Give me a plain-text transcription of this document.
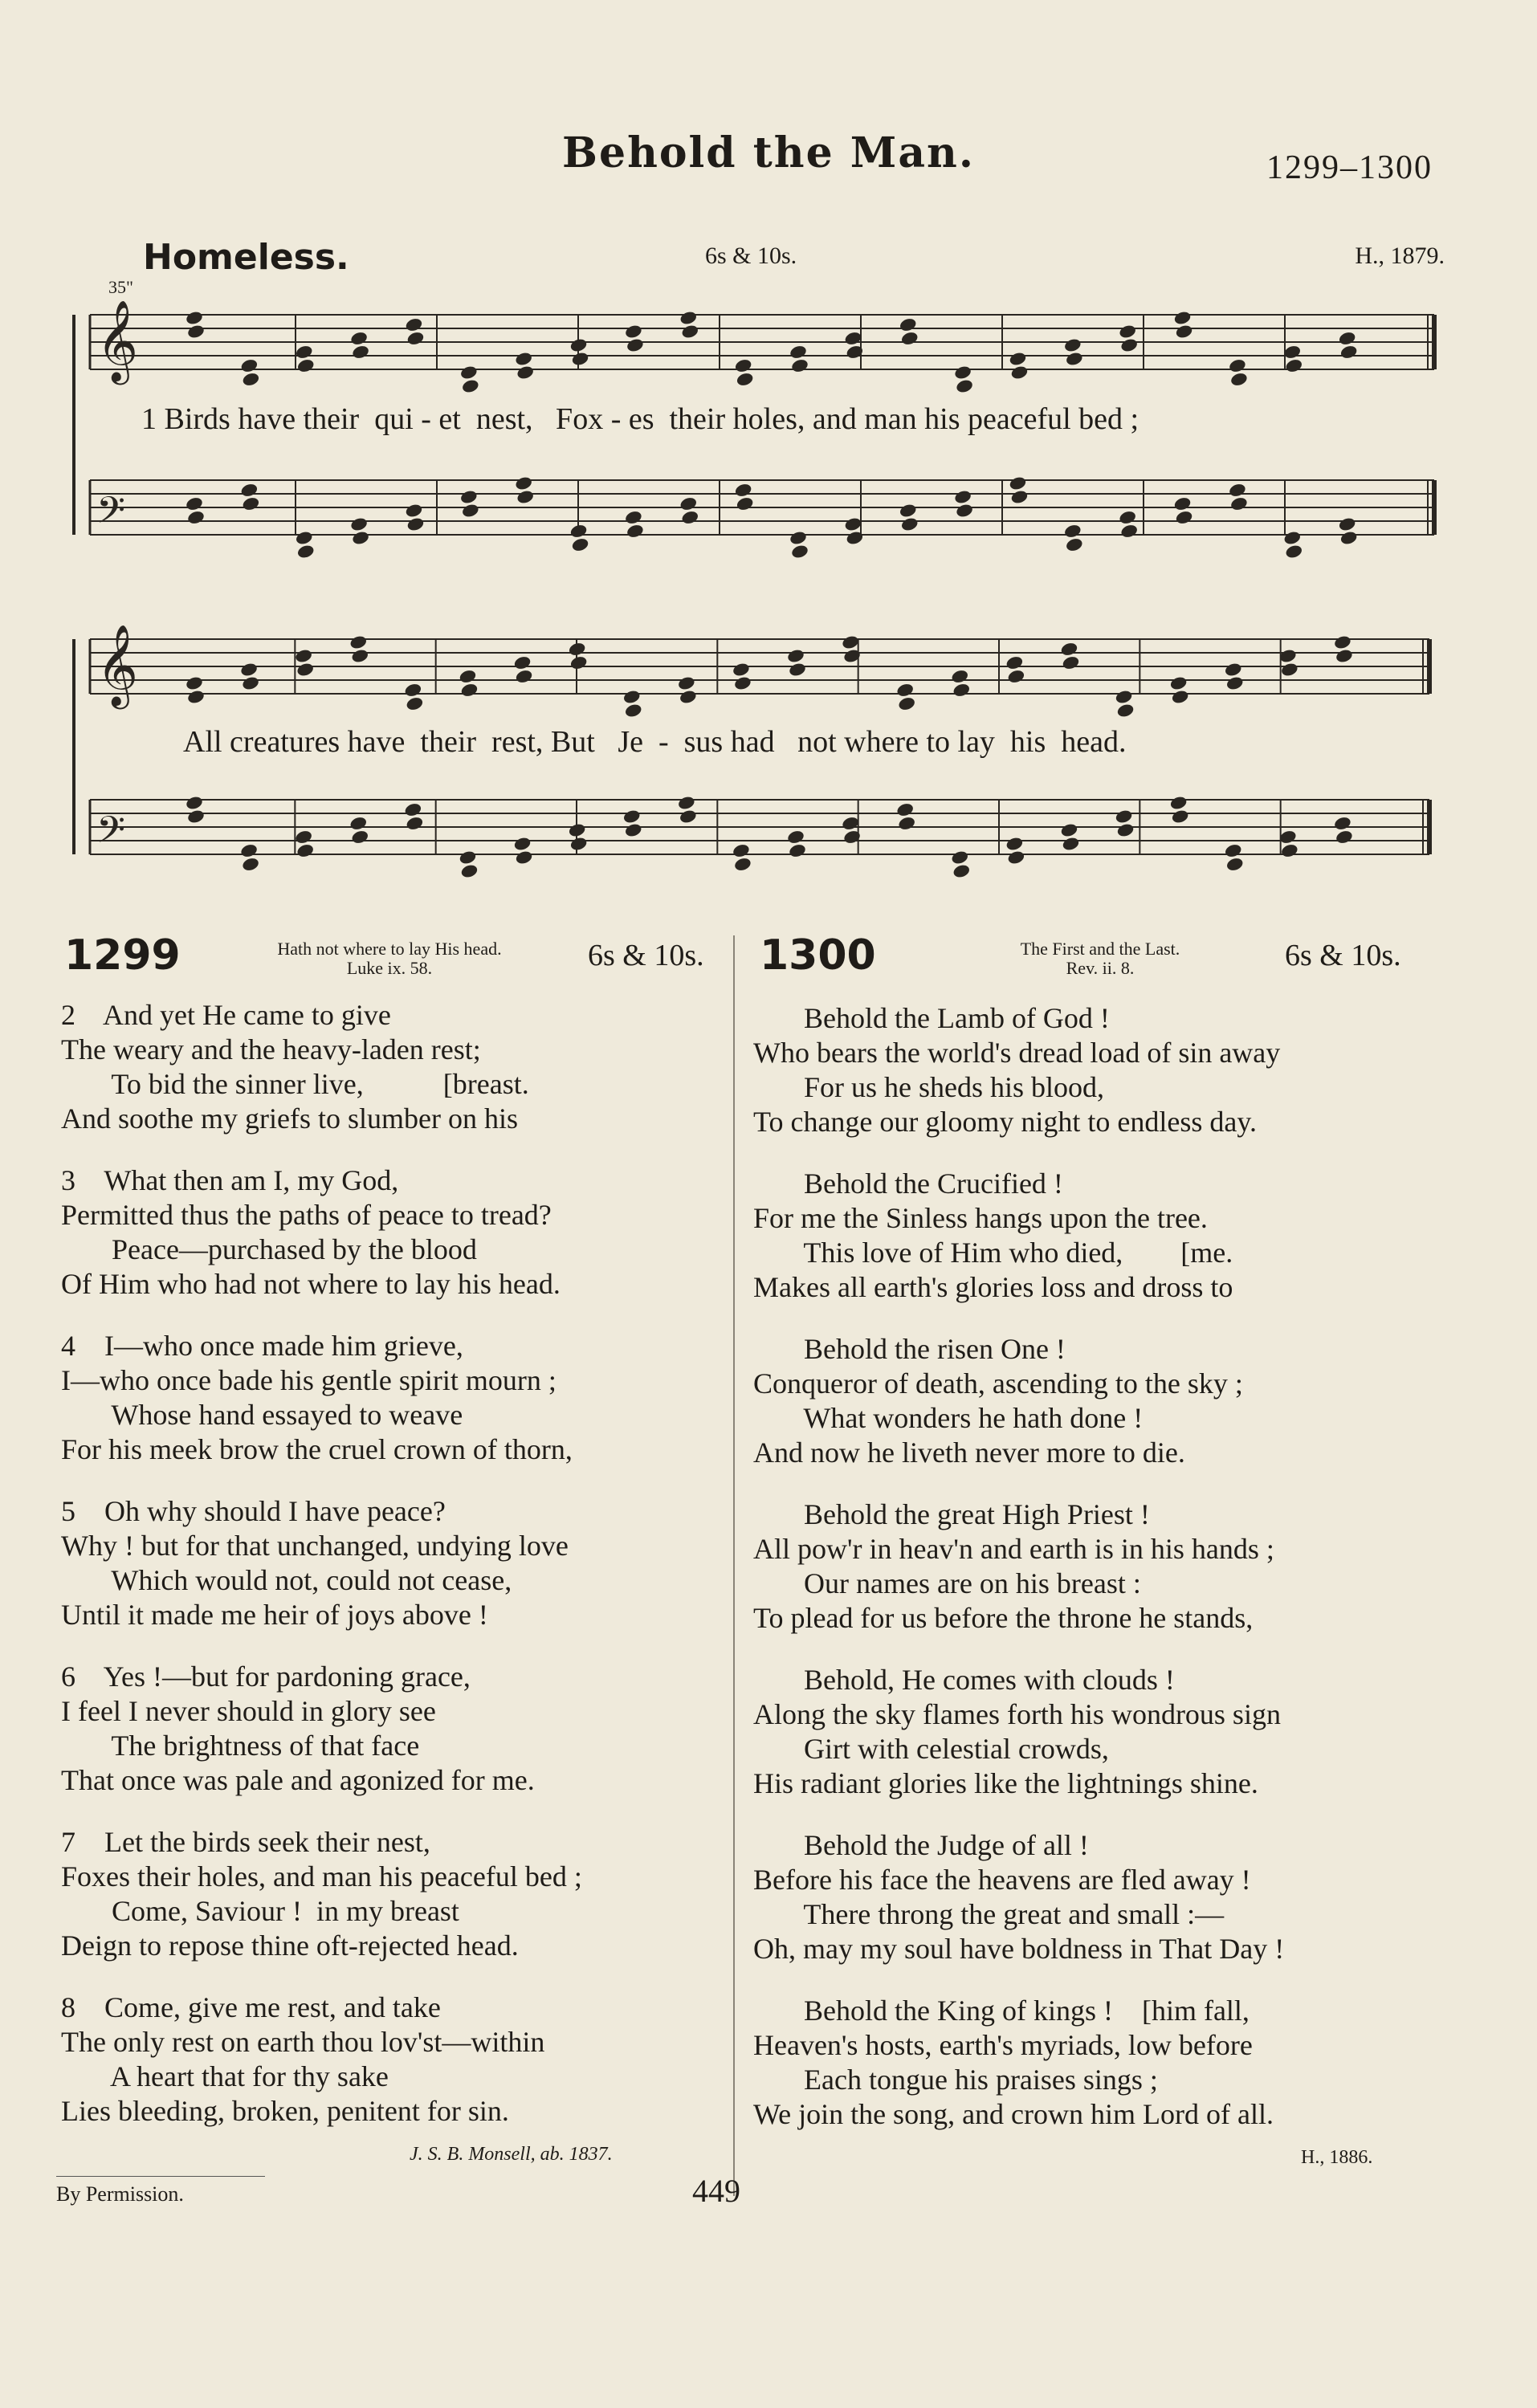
Behold the Man.	1299–1300
Homeless.	6s & 10s.	H., 1879.
35"
𝄞
𝄢
𝄞
𝄢
1 Birds have their  qui - et  nest,   Fox - es  their holes, and man his peaceful bed ;
All creatures have  their  rest, But   Je  -  sus had   not where to lay  his  head.
1299	Hath not where to lay His head.
Luke ix. 58.	6s & 10s. 1300	The First and the Last.
Rev. ii. 8.	6s & 10s.
2    And yet He came to give
The weary and the heavy-laden rest;
To bid the sinner live,           [breast.
And soothe my griefs to slumber on his
3    What then am I, my God,
Permitted thus the paths of peace to tread?
Peace—purchased by the blood
Of Him who had not where to lay his head.
4    I—who once made him grieve,
I—who once bade his gentle spirit mourn ;
Whose hand essayed to weave
For his meek brow the cruel crown of thorn,
5    Oh why should I have peace?
Why ! but for that unchanged, undying love
Which would not, could not cease,
Until it made me heir of joys above !
6    Yes !—but for pardoning grace,
I feel I never should in glory see
The brightness of that face
That once was pale and agonized for me.
7    Let the birds seek their nest,
Foxes their holes, and man his peaceful bed ;
Come, Saviour !  in my breast
Deign to repose thine oft-rejected head.
8    Come, give me rest, and take
The only rest on earth thou lov'st—within
A heart that for thy sake
Lies bleeding, broken, penitent for sin.
J. S. B. Monsell, ab. 1837.
Behold the Lamb of God !
Who bears the world's dread load of sin away
For us he sheds his blood,
To change our gloomy night to endless day.
Behold the Crucified !
For me the Sinless hangs upon the tree.
This love of Him who died,        [me.
Makes all earth's glories loss and dross to
Behold the risen One !
Conqueror of death, ascending to the sky ;
What wonders he hath done !
And now he liveth never more to die.
Behold the great High Priest !
All pow'r in heav'n and earth is in his hands ;
Our names are on his breast :
To plead for us before the throne he stands,
Behold, He comes with clouds !
Along the sky flames forth his wondrous sign
Girt with celestial crowds,
His radiant glories like the lightnings shine.
Behold the Judge of all !
Before his face the heavens are fled away !
There throng the great and small :—
Oh, may my soul have boldness in That Day !
Behold the King of kings !    [him fall,
Heaven's hosts, earth's myriads, low before
Each tongue his praises sings ;
We join the song, and crown him Lord of all.
H., 1886.
By Permission.	449
